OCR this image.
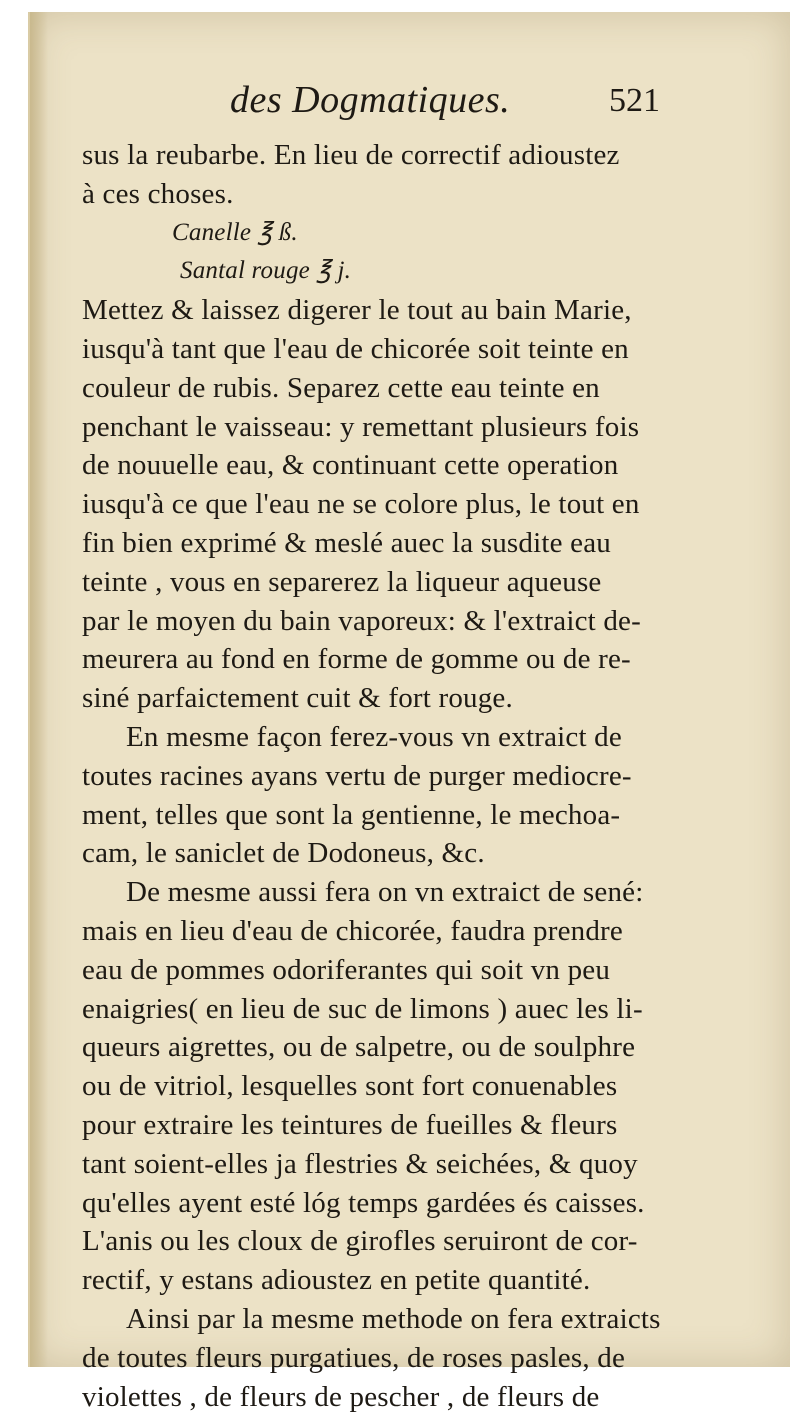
des Dogmatiques.	521
sus la reubarbe. En lieu de correctif adioustez
à ces choses.
Canelle ℥ ß.
Santal rouge ℥ j.
Mettez & laissez digerer le tout au bain Marie,
iusqu'à tant que l'eau de chicorée soit teinte en
couleur de rubis. Separez cette eau teinte en
penchant le vaisseau: y remettant plusieurs fois
de nouuelle eau, & continuant cette operation
iusqu'à ce que l'eau ne se colore plus, le tout en
fin bien exprimé & meslé auec la susdite eau
teinte , vous en separerez la liqueur aqueuse
par le moyen du bain vaporeux: & l'extraict de-
meurera au fond en forme de gomme ou de re-
siné parfaictement cuit & fort rouge.
En mesme façon ferez-vous vn extraict de
toutes racines ayans vertu de purger mediocre-
ment, telles que sont la gentienne, le mechoa-
cam, le saniclet de Dodoneus, &c.
De mesme aussi fera on vn extraict de sené:
mais en lieu d'eau de chicorée, faudra prendre
eau de pommes odoriferantes qui soit vn peu
enaigries( en lieu de suc de limons ) auec les li-
queurs aigrettes, ou de salpetre, ou de soulphre
ou de vitriol, lesquelles sont fort conuenables
pour extraire les teintures de fueilles & fleurs
tant soient-elles ja flestries & seichées, & quoy
qu'elles ayent esté lóg temps gardées és caisses.
L'anis ou les cloux de girofles seruiront de cor-
rectif, y estans adioustez en petite quantité.
Ainsi par la mesme methode on fera extraicts
de toutes fleurs purgatiues, de roses pasles, de
violettes , de fleurs de pescher , de fleurs de
